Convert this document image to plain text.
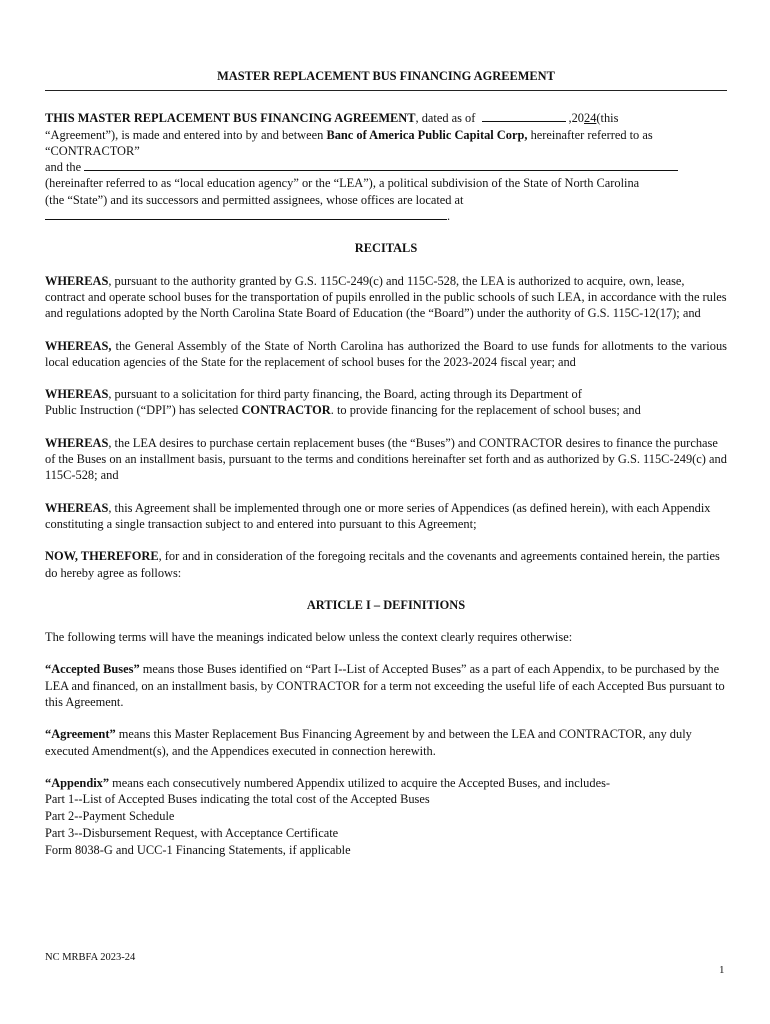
MASTER REPLACEMENT BUS FINANCING AGREEMENT

THIS MASTER REPLACEMENT BUS FINANCING AGREEMENT, dated as of	,2024(this

“Agreement”), is made and entered into by and between Banc of America Public Capital Corp, hereinafter referred to as

“CONTRACTOR”

and the

(hereinafter referred to as “local education agency” or the “LEA”), a political subdivision of the State of North Carolina

(the “State”) and its successors and permitted assignees, whose offices are located at

.

RECITALS

WHEREAS, pursuant to the authority granted by G.S. 115C-249(c) and 115C-528, the LEA is authorized to acquire, own, lease, contract and operate school buses for the transportation of pupils enrolled in the public schools of such LEA, in accordance with the rules and regulations adopted by the North Carolina State Board of Education (the “Board”) under the authority of G.S. 115C-12(17); and

WHEREAS, the General Assembly of the State of North Carolina has authorized the Board to use funds for allotments to the various local education agencies of the State for the replacement of school buses for the 2023-2024 fiscal year; and

WHEREAS, pursuant to a solicitation for third party financing, the Board, acting through its Department of

Public Instruction (“DPI”) has selected CONTRACTOR. to provide financing for the replacement of school buses; and

WHEREAS, the LEA desires to purchase certain replacement buses (the “Buses”) and CONTRACTOR desires to finance the purchase of the Buses on an installment basis, pursuant to the terms and conditions hereinafter set forth and as authorized by G.S. 115C-249(c) and 115C-528; and

WHEREAS, this Agreement shall be implemented through one or more series of Appendices (as defined herein), with each Appendix constituting a single transaction subject to and entered into pursuant to this Agreement;

NOW, THEREFORE, for and in consideration of the foregoing recitals and the covenants and agreements contained herein, the parties do hereby agree as follows:

ARTICLE I – DEFINITIONS

The following terms will have the meanings indicated below unless the context clearly requires otherwise:

“Accepted Buses” means those Buses identified on “Part I--List of Accepted Buses” as a part of each Appendix, to be purchased by the LEA and financed, on an installment basis, by CONTRACTOR for a term not exceeding the useful life of each Accepted Bus pursuant to this Agreement.

“Agreement” means this Master Replacement Bus Financing Agreement by and between the LEA and CONTRACTOR, any duly executed Amendment(s), and the Appendices executed in connection herewith.

“Appendix” means each consecutively numbered Appendix utilized to acquire the Accepted Buses, and includes-

Part 1--List of Accepted Buses indicating the total cost of the Accepted Buses

Part 2--Payment Schedule

Part 3--Disbursement Request, with Acceptance Certificate

Form 8038-G and UCC-1 Financing Statements, if applicable

NC MRBFA 2023-24
1
